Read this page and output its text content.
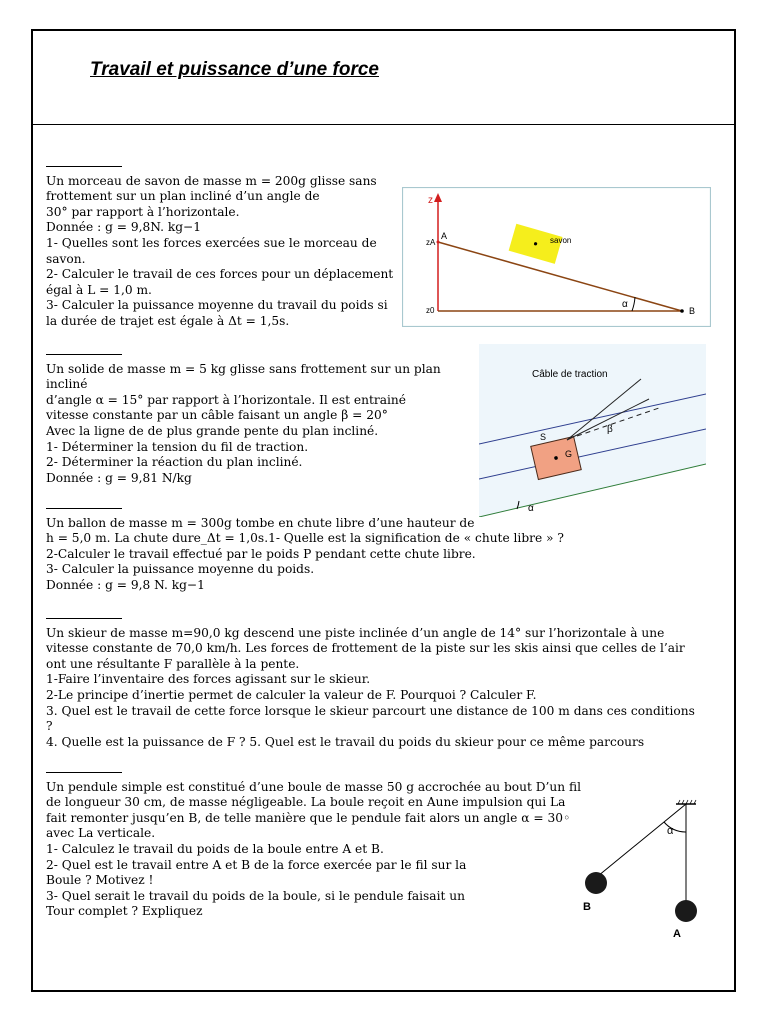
Travail et puissance d’une force

Un morceau de savon de masse m = 200g glisse sans

frottement sur un plan incliné d’un angle de

30° par rapport à l’horizontale.

Donnée : g = 9,8N. kg−1

1- Quelles sont les forces exercées sue le morceau de

savon.

2- Calculer le travail de ces forces pour un déplacement

égal à L = 1,0 m.

3- Calculer la puissance moyenne du travail du poids si

la durée de trajet est égale à Δt = 1,5s.

z
zA
A
z0
savon
α
B

Un solide de masse m = 5 kg glisse sans frottement sur un plan

incliné

d’angle α = 15° par rapport à l’horizontale. Il est entrainé

vitesse constante par un câble faisant un angle β = 20°

Avec la ligne de de plus grande pente du plan incliné.

1- Déterminer la tension du fil de traction.

2- Déterminer la réaction du plan incliné.

Donnée : g = 9,81 N/kg

Câble de traction
S
G
β
α

Un ballon de masse m = 300g tombe en chute libre d’une hauteur de

h = 5,0 m. La chute dure_Δt = 1,0s.1- Quelle est la signification de « chute libre » ?

2-Calculer le travail effectué par le poids P pendant cette chute libre.

3- Calculer la puissance moyenne du poids.

Donnée : g = 9,8 N. kg−1

Un skieur de masse m=90,0 kg descend une piste inclinée d’un angle de 14° sur l’horizontale à une

vitesse constante de 70,0 km/h. Les forces de frottement de la piste sur les skis ainsi que celles de l’air

ont une résultante F parallèle à la pente.

1-Faire l’inventaire des forces agissant sur le skieur.

2-Le principe d’inertie permet de calculer la valeur de F. Pourquoi ? Calculer F.

3. Quel est le travail de cette force lorsque le skieur parcourt une distance de 100 m dans ces conditions

?

4. Quelle est la puissance de F ? 5. Quel est le travail du poids du skieur pour ce même parcours

Un pendule simple est constitué d’une boule de masse 50 g accrochée au bout D’un fil

de longueur 30 cm, de masse négligeable. La boule reçoit en Aune impulsion qui La

fait remonter jusqu’en B, de telle manière que le pendule fait alors un angle α = 30◦

avec La verticale.

1- Calculez le travail du poids de la boule entre A et B.

2- Quel est le travail entre A et B de la force exercée par le fil sur la

Boule ? Motivez !

3- Quel serait le travail du poids de la boule, si le pendule faisait un

Tour complet ? Expliquez

α
B
A
